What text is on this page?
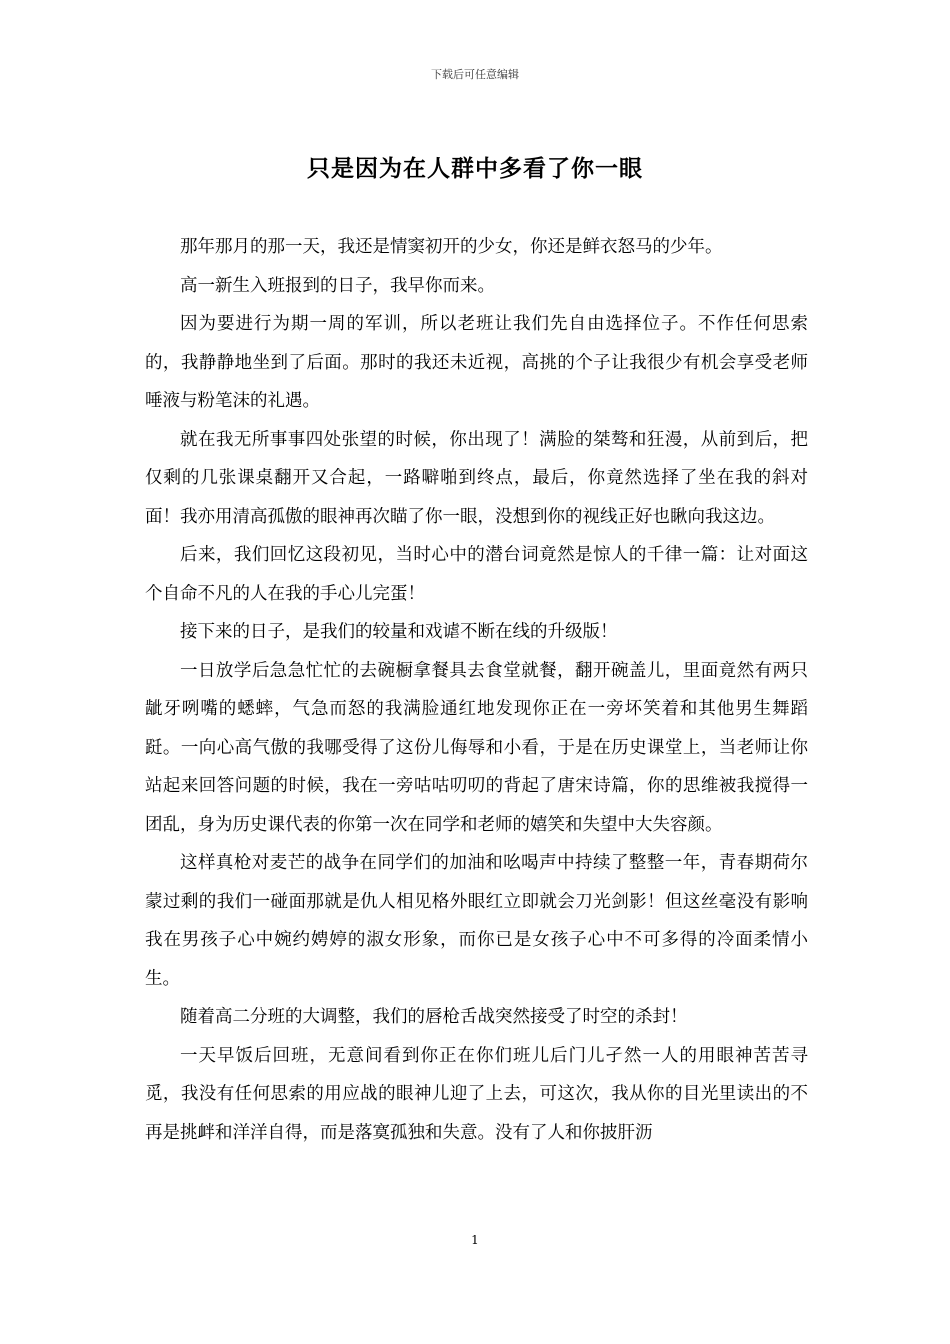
下载后可任意编辑
只是因为在人群中多看了你一眼

那年那月的那一天，我还是情窦初开的少女，你还是鲜衣怒马的少年。

高一新生入班报到的日子，我早你而来。

因为要进行为期一周的军训，所以老班让我们先自由选择位子。不作任何思索的，我静静地坐到了后面。那时的我还未近视，高挑的个子让我很少有机会享受老师唾液与粉笔沫的礼遇。

就在我无所事事四处张望的时候，你出现了！满脸的桀骜和狂漫，从前到后，把仅剩的几张课桌翻开又合起，一路噼啪到终点，最后，你竟然选择了坐在我的斜对面！我亦用清高孤傲的眼神再次瞄了你一眼，没想到你的视线正好也瞅向我这边。

后来，我们回忆这段初见，当时心中的潜台词竟然是惊人的千律一篇：让对面这个自命不凡的人在我的手心儿完蛋！

接下来的日子，是我们的较量和戏谑不断在线的升级版！

一日放学后急急忙忙的去碗橱拿餐具去食堂就餐，翻开碗盖儿，里面竟然有两只龇牙咧嘴的蟋蟀，气急而怒的我满脸通红地发现你正在一旁坏笑着和其他男生舞蹈跹。一向心高气傲的我哪受得了这份儿侮辱和小看，于是在历史课堂上，当老师让你站起来回答问题的时候，我在一旁咕咕叨叨的背起了唐宋诗篇，你的思维被我搅得一团乱，身为历史课代表的你第一次在同学和老师的嬉笑和失望中大失容颜。

这样真枪对麦芒的战争在同学们的加油和吆喝声中持续了整整一年，青春期荷尔蒙过剩的我们一碰面那就是仇人相见格外眼红立即就会刀光剑影！但这丝毫没有影响我在男孩子心中婉约娉婷的淑女形象，而你已是女孩子心中不可多得的冷面柔情小生。

随着高二分班的大调整，我们的唇枪舌战突然接受了时空的杀封！

一天早饭后回班，无意间看到你正在你们班儿后门儿孑然一人的用眼神苦苦寻觅，我没有任何思索的用应战的眼神儿迎了上去，可这次，我从你的目光里读出的不再是挑衅和洋洋自得，而是落寞孤独和失意。没有了人和你披肝沥

1
